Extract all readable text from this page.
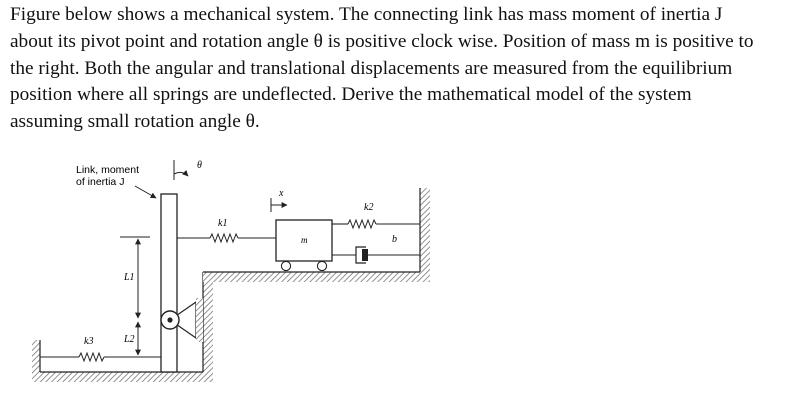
Figure below shows a mechanical system. The connecting link has mass moment of inertia J
about its pivot point and rotation angle θ is positive clock wise. Position of mass m is positive to
the right. Both the angular and translational displacements are measured from the equilibrium
position where all springs are undeflected. Derive the mathematical model of the system
assuming small rotation angle θ.
L1
L2
Link, moment
of inertia J
θ
x
k1
m
k2
b
k3
